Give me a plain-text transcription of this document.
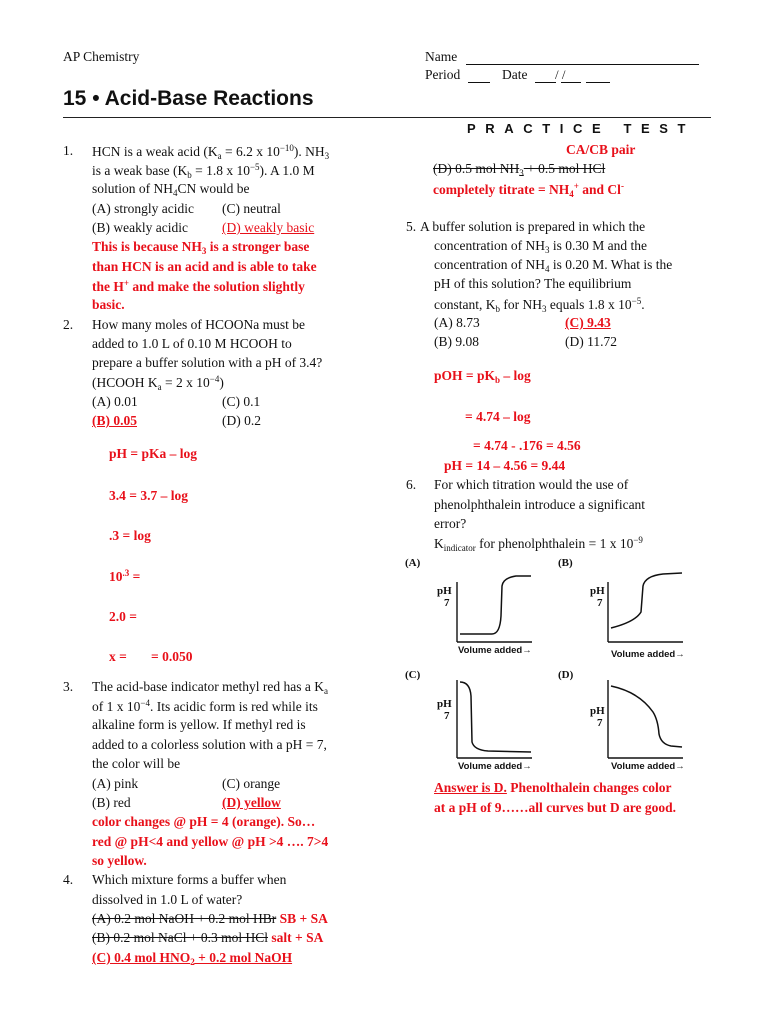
AP Chemistry	Name
Period	Date / /
15 • Acid-Base Reactions
PRACTICE TEST
1. HCN is a weak acid ($K_a = 6.2$ x $10^{-10}$). $NH_3$
is a weak base ($K_b = 1.8$ x $10^{-5}$). A 1.0 M
solution of $NH_4CN$ would be
(A) strongly acidic (C) neutral
(B) weakly acidic	(D) weakly basic
This is because $NH_3$ is a stronger base
than HCN is an acid and is able to take
the H+ and make the solution slightly
basic.
2. How many moles of HCOONa must be
added to 1.0 L of 0.10 M HCOOH to
prepare a buffer solution with a pH of 3.4?
(HCOOH $K_a = 2$ x $10^{-4}$)
(A) 0.01	(C) 0.1
(B) 0.05	(D) 0.2
pH = pKa – log
3.4 = 3.7 – log
.3 = log
$10^{.3}$ =
2.0 =
x = = 0.050
3. The acid-base indicator methyl red has a $K_a$
of 1 x $10^{-4}$. Its acidic form is red while its
alkaline form is yellow. If methyl red is
added to a colorless solution with a pH = 7,
the color will be
(A) pink	(C) orange
(B) red	(D) yellow
color changes @ pH = 4 (orange). So…
red @ pH<4 and yellow @ pH >4 …. 7>4
so yellow.
4. Which mixture forms a buffer when
dissolved in 1.0 L of water?
(A) 0.2 mol NaOH + 0.2 mol HBr SB + SA
(B) 0.2 mol NaCl + 0.3 mol HCl salt + SA
(C) 0.4 mol $HNO_2 + 0.2$ mol NaOH
CA/CB pair
(D) 0.5 mol $NH_3 + 0.5$ mol HCl
completely titrate = $NH_4^+$ and Cl-
5. A buffer solution is prepared in which the
concentration of $NH_3$ is 0.30 M and the
concentration of $NH_4$ is 0.20 M. What is the
pH of this solution? The equilibrium
constant, $K_b$ for $NH_3$ equals 1.8 x $10^{-5}$.
(A) 8.73	(C) 9.43
(B) 9.08	(D) 11.72
pOH = $pK_b$ – log
= 4.74 – log
= 4.74 - .176 = 4.56
pH = 14 – 4.56 = 9.44
6. For which titration would the use of
phenolphthalein introduce a significant
error?
$K_{indicator}$ for phenolphthalein = 1 x $10^{-9}$
(A)
pH
7
Volume added→
(B)
pH
7
Volume added→
(C)
pH
7
Volume added→
(D)
pH
7
Volume added→
Answer is D. Phenolthalein changes color
at a pH of 9……all curves but D are good.
